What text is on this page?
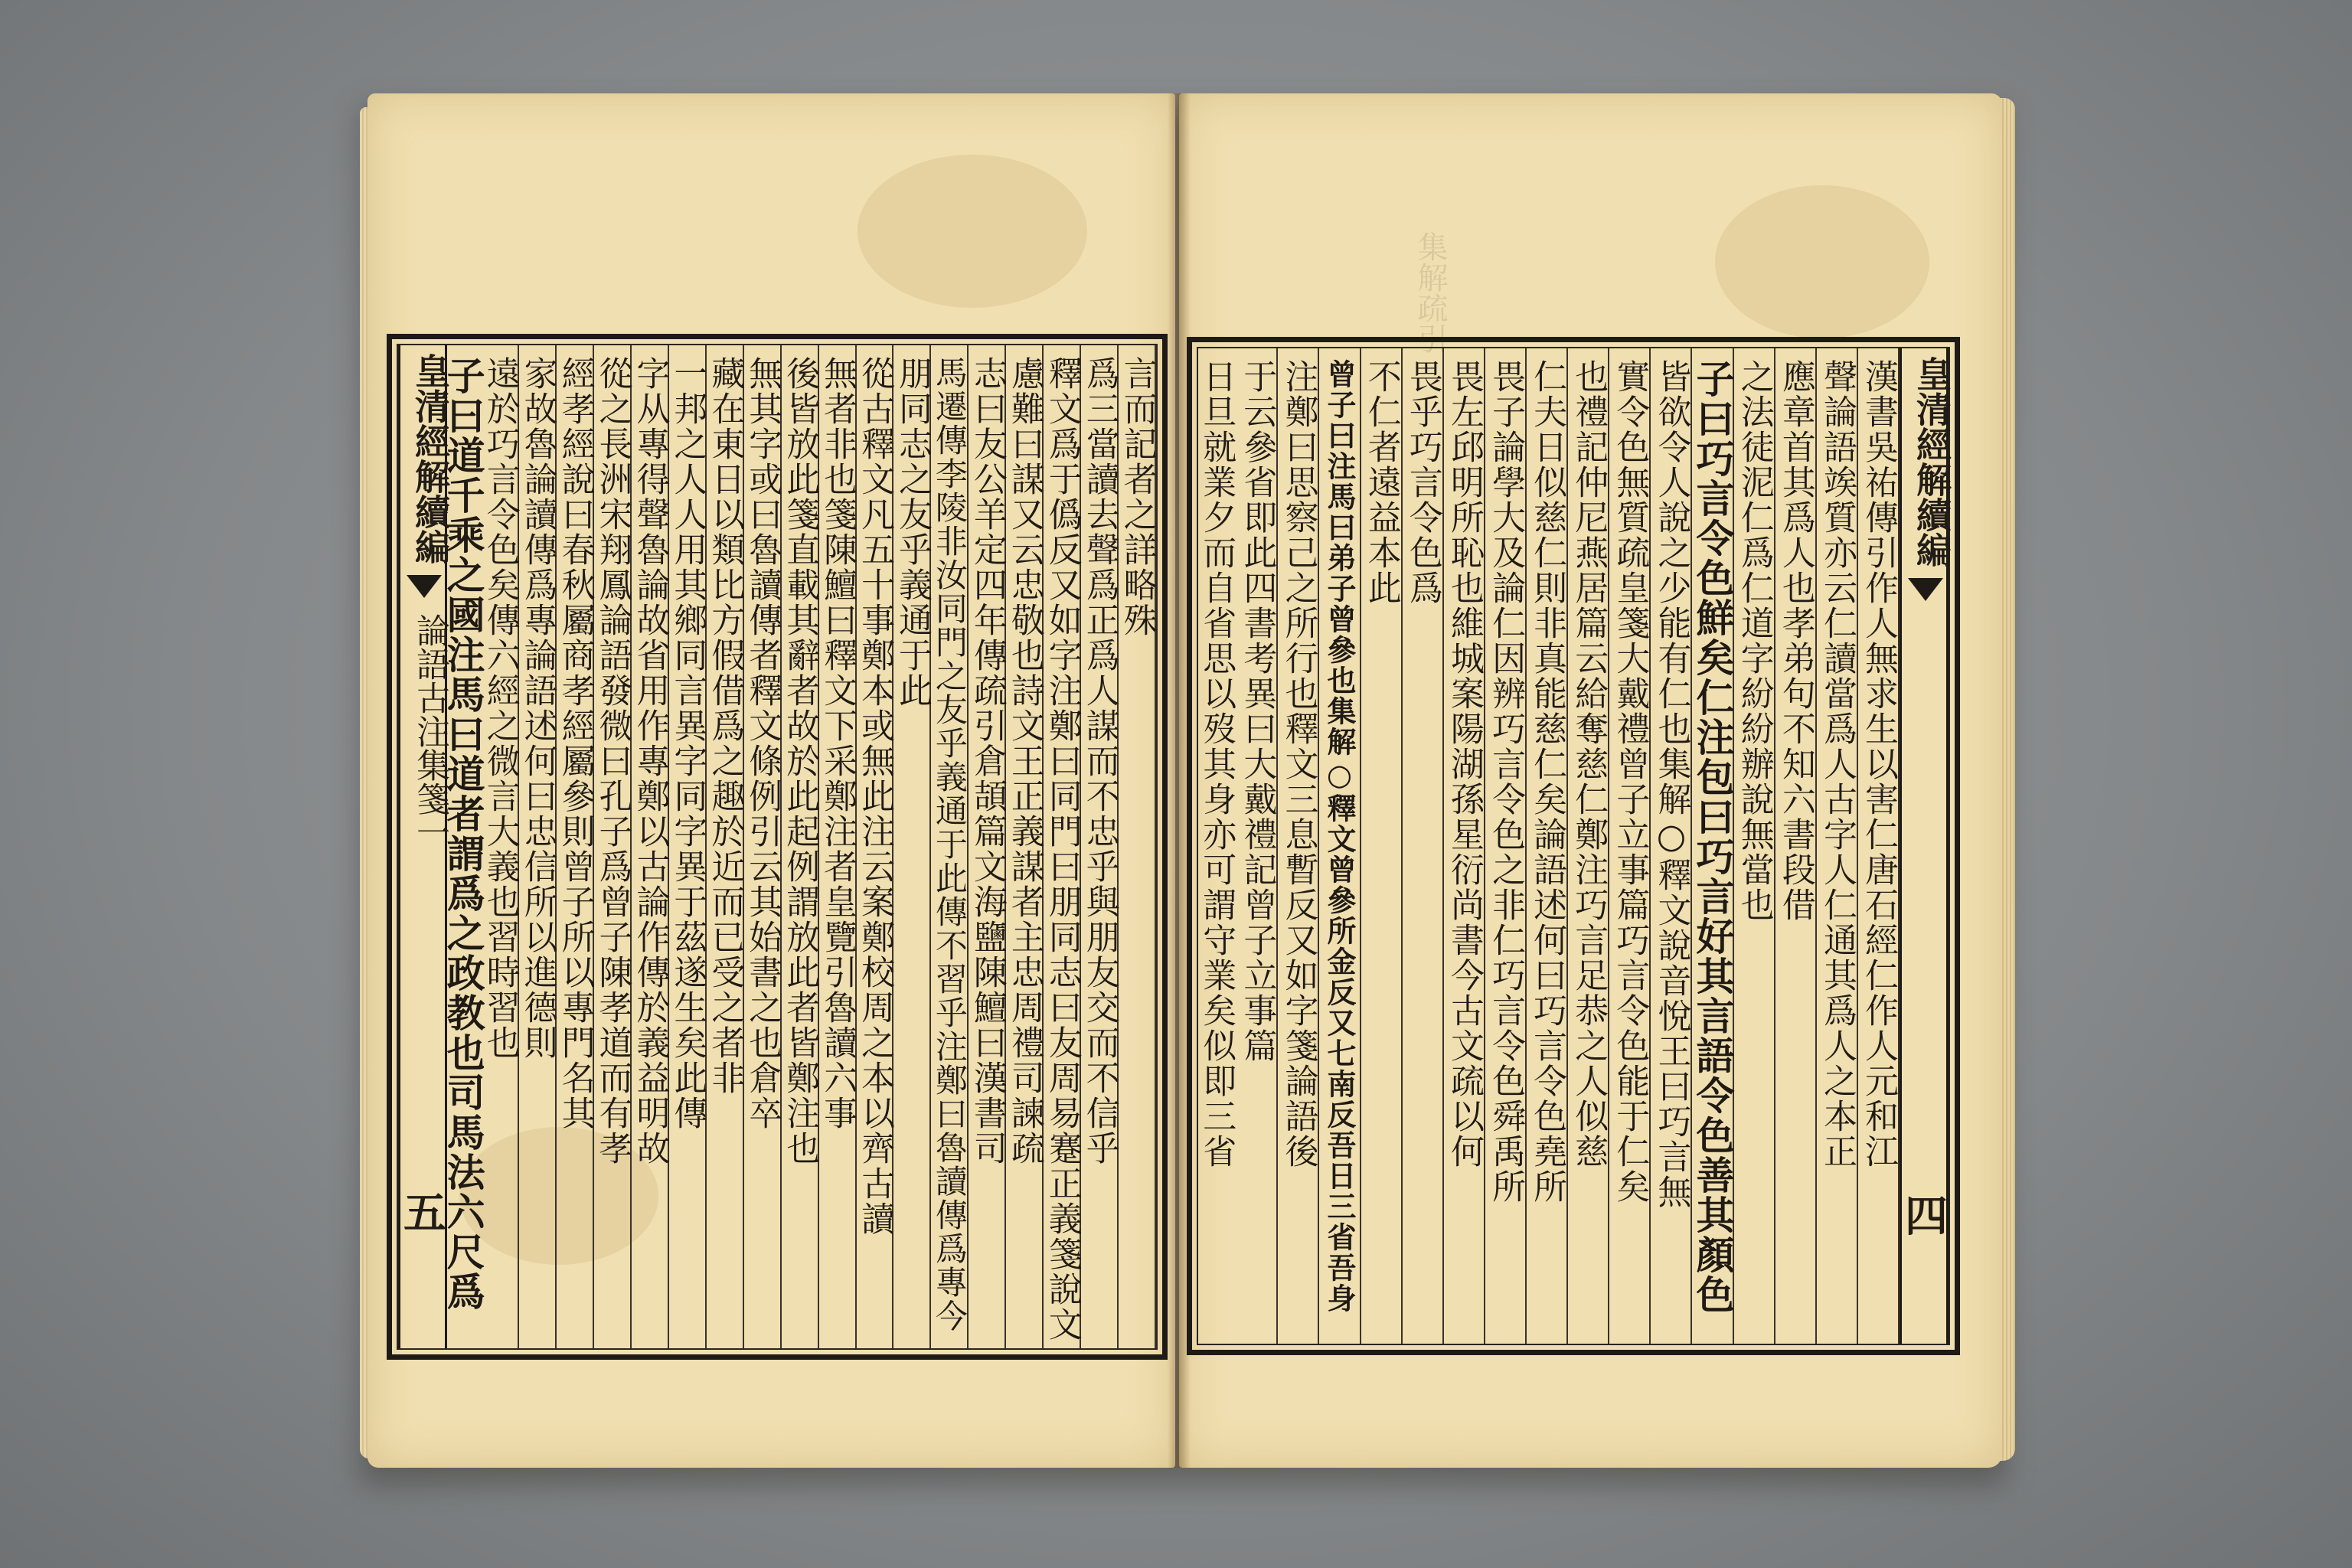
集解疏引
皇清經解續編
論語古注集箋一
五
言而記者之詳略殊
爲三當讀去聲爲正爲人謀而不忠乎與朋友交而不信乎
釋文爲于僞反又如字注鄭曰同門曰朋同志曰友周易蹇正義箋說文
慮難曰謀又云忠敬也詩文王正義謀者主忠周禮司諫疏
志曰友公羊定四年傳疏引倉頡篇文海鹽陳鱣曰漢書司
馬遷傳李陵非汝同門之友乎義通于此傳不習乎注鄭曰魯讀傳爲專今
朋同志之友乎義通于此
從古釋文凡五十事鄭本或無此注云案鄭校周之本以齊古讀
無者非也箋陳鱣曰釋文下采鄭注者皇覽引魯讀六事
後皆放此箋直載其辭者故於此起例謂放此者皆鄭注也
無其字或曰魯讀傳者釋文條例引云其始書之也倉卒
藏在東日以類比方假借爲之趣於近而已受之者非
一邦之人人用其鄉同言異字同字異于茲遂生矣此傳
字从專得聲魯論故省用作專鄭以古論作傳於義益明故
從之長洲宋翔鳳論語發微曰孔子爲曾子陳孝道而有孝
經孝經說曰春秋屬商孝經屬參則曾子所以專門名其
家故魯論讀傳爲專論語述何曰忠信所以進德則
遠於巧言令色矣傳六經之微言大義也習時習也
子曰道千乘之國注馬曰道者謂爲之政教也司馬法六尺爲	皇清經解續編
四
漢書吳祐傳引作人無求生以害仁唐石經仁作人元和江
聲論語竢質亦云仁讀當爲人古字人仁通其爲人之本正
應章首其爲人也孝弟句不知六書段借
之法徒泥仁爲仁道字紛紛辦說無當也
子曰巧言令色鮮矣仁注包曰巧言好其言語令色善其顏色
皆欲令人說之少能有仁也集解○釋文說音悅王曰巧言無
實令色無質疏皇箋大戴禮曾子立事篇巧言令色能于仁矣
也禮記仲尼燕居篇云給奪慈仁鄭注巧言足恭之人似慈
仁夫日似慈仁則非真能慈仁矣論語述何曰巧言令色堯所
畏子論學大及論仁因辨巧言令色之非仁巧言令色舜禹所
畏左邱明所恥也維城案陽湖孫星衍尚書今古文疏以何
畏乎巧言令色爲
不仁者遠益本此
曾子曰注馬曰弟子曾參也集解○釋文曾參所金反又七南反吾日三省吾身
注鄭曰思察己之所行也釋文三息暫反又如字箋論語後
于云參省即此四書考異曰大戴禮記曾子立事篇
日旦就業夕而自省思以歿其身亦可謂守業矣似即三省
